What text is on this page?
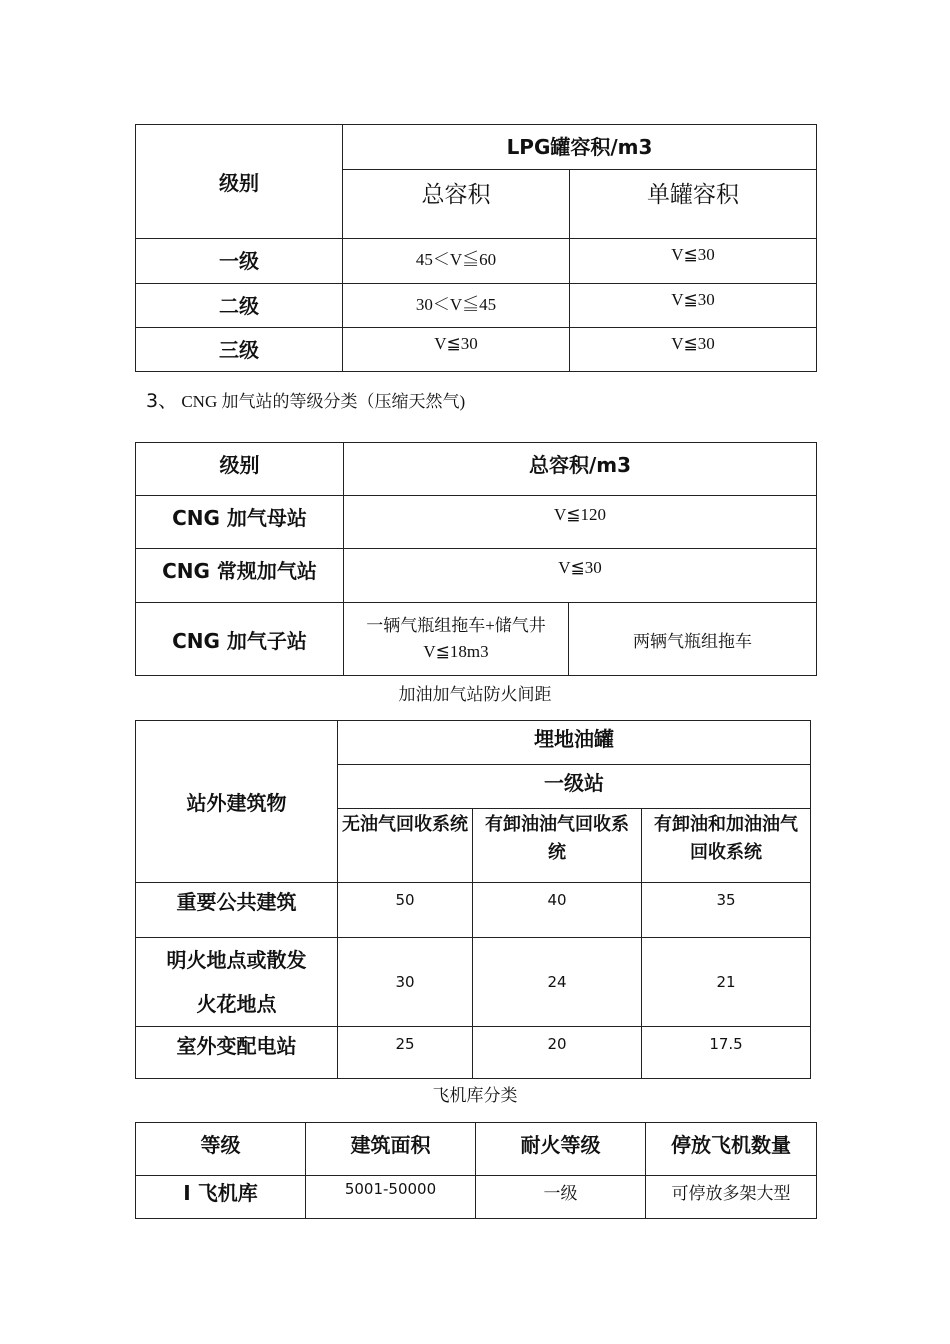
级别	LPG罐容积/m3	
	总容积	单罐容积
一级	45＜V≦60	V≦30
二级	30＜V≦45	V≦30
三级	V≦30	V≦30
3、 CNG 加气站的等级分类（压缩天然气)
级别	总容积/m3	
CNG 加气母站	V≦120	
CNG 常规加气站	V≦30	
CNG 加气子站	一辆气瓶组拖车+储气井V≦18m3	两辆气瓶组拖车
加油加气站防火间距
站外建筑物	埋地油罐		
	一级站		
	无油气回收系统	有卸油油气回收系统	有卸油和加油油气回收系统
重要公共建筑	50	40	35
明火地点或散发火花地点	30	24	21
室外变配电站	25	20	17.5
飞机库分类
等级	建筑面积	耐火等级	停放飞机数量
Ⅰ 飞机库	5001-50000	一级	可停放多架大型
